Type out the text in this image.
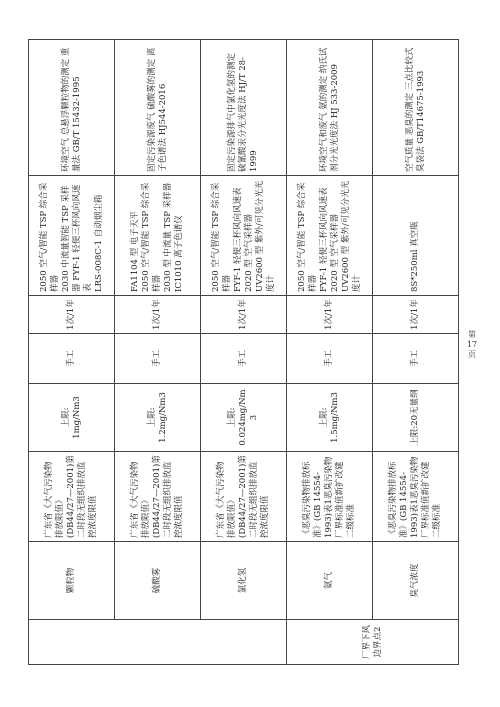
	颗粒物	广东省《大气污染物排放限值》(DB44/27—2001)第二时段无组织排放监控浓度限值	上限:
1mg/Nm3	手工	1次/1年	2050 空气/智能 TSP 综合采样器
2030 中流量智能 TSP 采样器 FYF-1 轻便三杯风向风速表
LRS-008C-1 自动烟尘箱	环境空气 总悬浮颗粒物的测定 重量法 GB/T 15432-1995
	硫酸雾	广东省《大气污染物排放限值》(DB44/27—2001)第二时段无组织排放监控浓度限值	上限:
1.2mg/Nm3	手工	1次/1年	FA1104 型 电子天平
2050 空气/智能 TSP 综合采样器
2030 型 中流量 TSP 采样器
IC1010 离子色谱仪	固定污染源废气 硫酸雾的测定 离子色谱法 HJ544-2016
	氯化氢	广东省《大气污染物排放限值》(DB44/27—2001)第二时段无组织排放监控浓度限值	上限:
0.024mg/Nm3	手工	1次/1年	2050 空气/智能 TSP 综合采样器
FYF-1 轻便三杯风向风速表
2020 型 空气采样器
UV2600 型 紫外/可见分光光度计	固定污染源排气中氯化氢的测定 硫氰酸汞分光光度法 HJ/T 28-1999
厂界下风边界点2	氨气	《恶臭污染物排放标准》(GB 14554-1993)表1恶臭污染物厂界标准值新扩改建二级标准	上限:
1.5mg/Nm3	手工	1次/1年	2050 空气/智能 TSP 综合采样器
FYF-1 轻便三杯风向风速表
2020 型 空气采样器
UV2600 型 紫外/可见分光光度计	环境空气和废气 氨的测定 纳氏试剂分光光度法 HJ 533-2009
	臭气浓度	《恶臭污染物排放标准》(GB 14554-1993)表1恶臭污染物厂界标准值新扩改建二级标准	上限:20无量纲	手工	1次/1年	8S*250ml 真空瓶	空气质量 恶臭的测定 三点比较式臭袋法 GB/T14675-1993
第 17 页
